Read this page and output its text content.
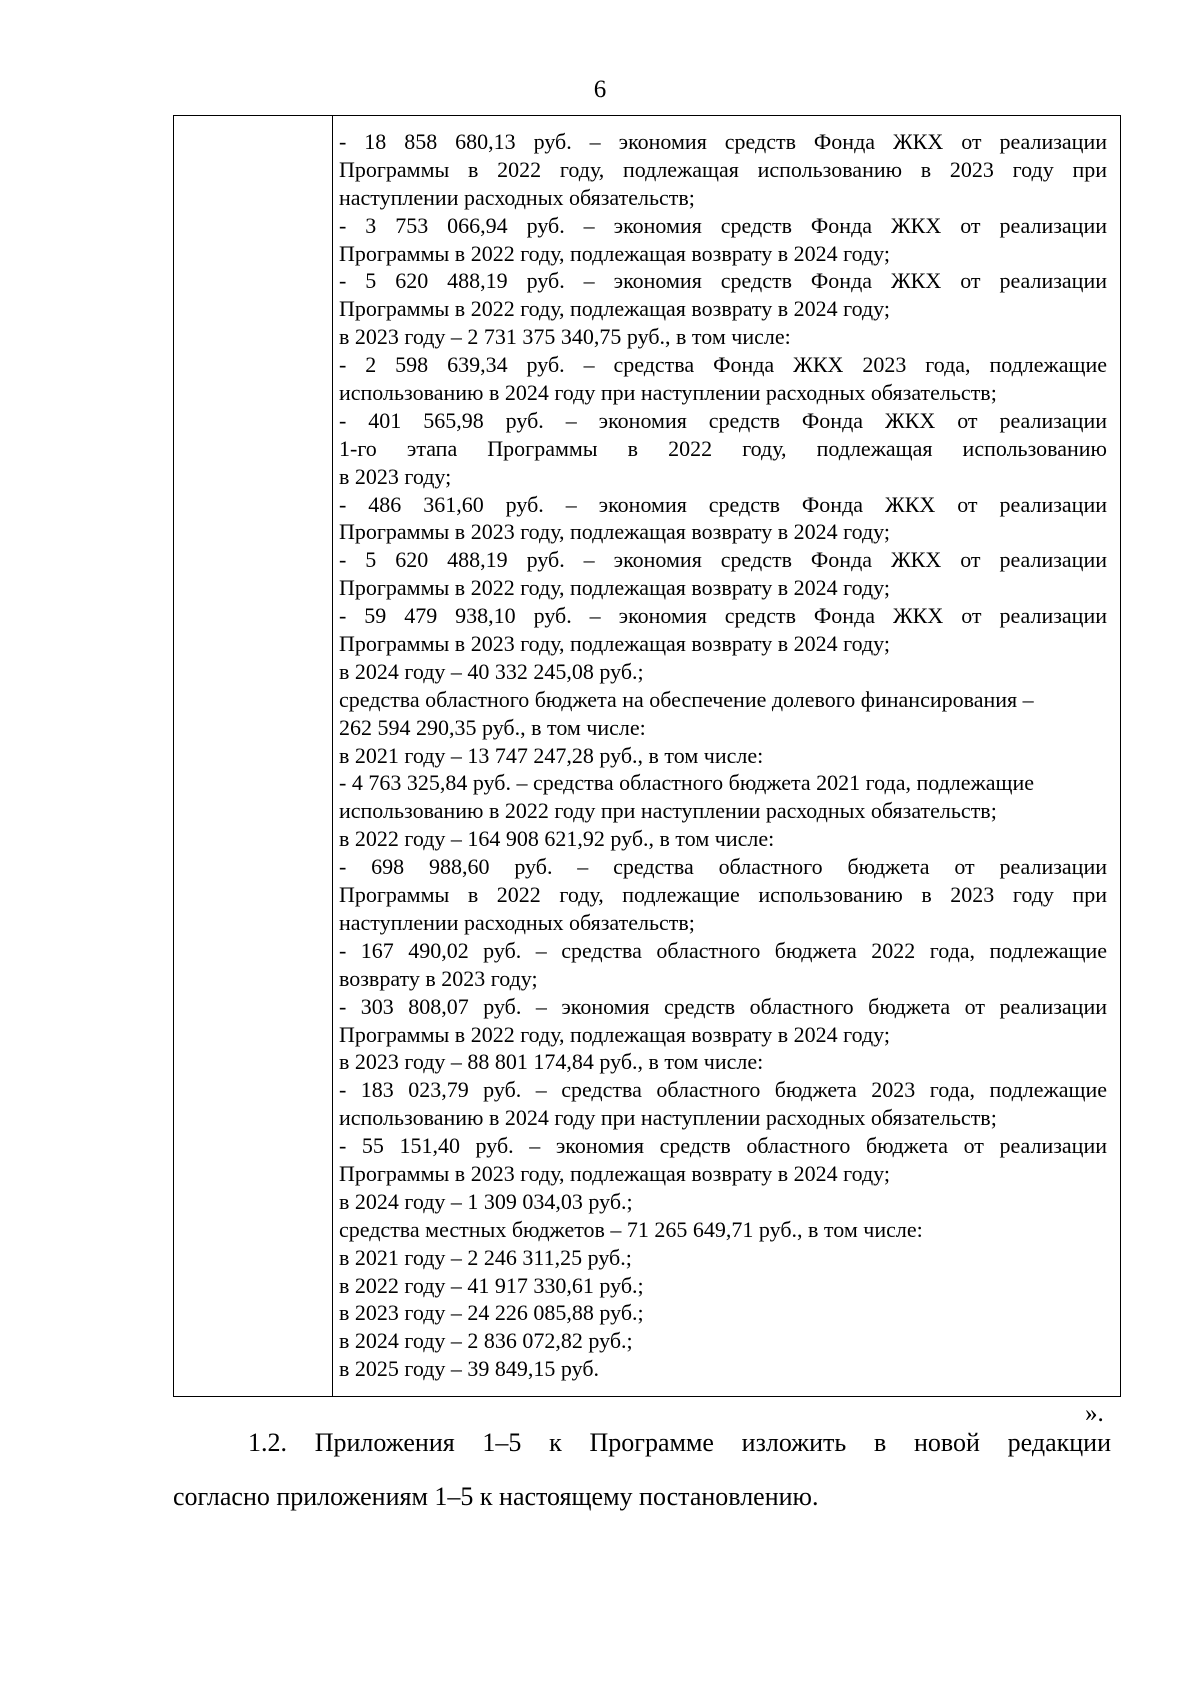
6
- 18 858 680,13 руб. – экономия средств Фонда ЖКХ от реализации
Программы в 2022 году, подлежащая использованию в 2023 году при
наступлении расходных обязательств;
- 3 753 066,94 руб. – экономия средств Фонда ЖКХ от реализации
Программы в 2022 году, подлежащая возврату в 2024 году;
- 5 620 488,19 руб. – экономия средств Фонда ЖКХ от реализации
Программы в 2022 году, подлежащая возврату в 2024 году;
в 2023 году – 2 731 375 340,75 руб., в том числе:
- 2 598 639,34 руб. – средства Фонда ЖКХ 2023 года, подлежащие
использованию в 2024 году при наступлении расходных обязательств;
- 401 565,98 руб. – экономия средств Фонда ЖКХ от реализации
1-го этапа Программы в 2022 году, подлежащая использованию
в 2023 году;
- 486 361,60 руб. – экономия средств Фонда ЖКХ от реализации
Программы в 2023 году, подлежащая возврату в 2024 году;
- 5 620 488,19 руб. – экономия средств Фонда ЖКХ от реализации
Программы в 2022 году, подлежащая возврату в 2024 году;
- 59 479 938,10 руб. – экономия средств Фонда ЖКХ от реализации
Программы в 2023 году, подлежащая возврату в 2024 году;
в 2024 году – 40 332 245,08 руб.;
средства областного бюджета на обеспечение долевого финансирования –
262 594 290,35 руб., в том числе:
в 2021 году – 13 747 247,28 руб., в том числе:
- 4 763 325,84 руб. – средства областного бюджета 2021 года, подлежащие
использованию в 2022 году при наступлении расходных обязательств;
в 2022 году – 164 908 621,92 руб., в том числе:
- 698 988,60 руб. – средства областного бюджета от реализации
Программы в 2022 году, подлежащие использованию в 2023 году при
наступлении расходных обязательств;
- 167 490,02 руб. – средства областного бюджета 2022 года, подлежащие
возврату в 2023 году;
- 303 808,07 руб. – экономия средств областного бюджета от реализации
Программы в 2022 году, подлежащая возврату в 2024 году;
в 2023 году – 88 801 174,84 руб., в том числе:
- 183 023,79 руб. – средства областного бюджета 2023 года, подлежащие
использованию в 2024 году при наступлении расходных обязательств;
- 55 151,40 руб. – экономия средств областного бюджета от реализации
Программы в 2023 году, подлежащая возврату в 2024 году;
в 2024 году – 1 309 034,03 руб.;
средства местных бюджетов – 71 265 649,71 руб., в том числе:
в 2021 году – 2 246 311,25 руб.;
в 2022 году – 41 917 330,61 руб.;
в 2023 году – 24 226 085,88 руб.;
в 2024 году – 2 836 072,82 руб.;
в 2025 году – 39 849,15 руб.
».
1.2. Приложения 1–5 к Программе изложить в новой редакции
согласно приложениям 1–5 к настоящему постановлению.
